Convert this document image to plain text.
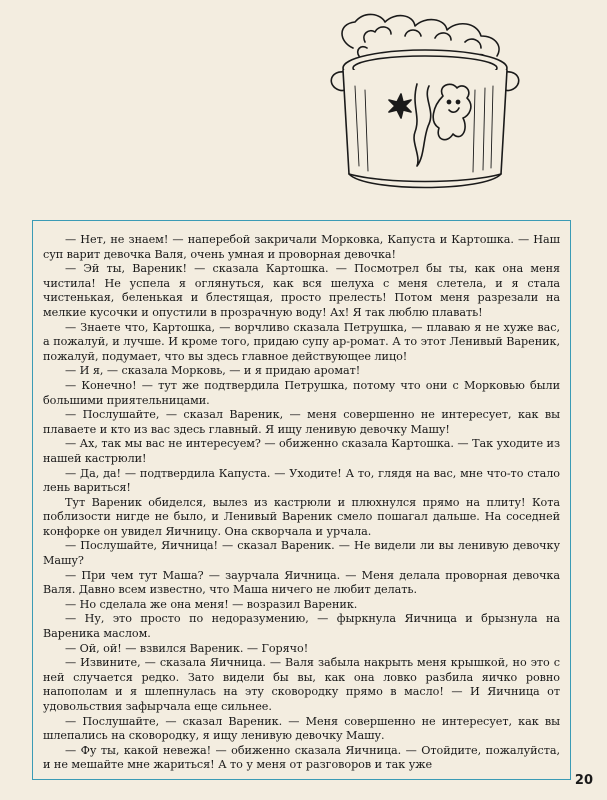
— Нет, не знаем! — наперебой закричали Морковка, Капуста и Картошка. — Наш суп варит девочка Валя, очень умная и проворная девочка!

— Эй ты, Вареник! — сказала Картошка. — Посмотрел бы ты, как она меня чистила! Не успела я оглянуться, как вся шелуха с меня слетела, и я стала чистенькая, беленькая и блестящая, просто прелесть! Потом меня разрезали на мелкие кусочки и опустили в прозрачную воду! Ах! Я так люблю плавать!

— Знаете что, Картошка, — ворчливо сказала Петрушка, — плаваю я не хуже вас, а пожалуй, и лучше. И кроме того, придаю супу ар-ромат. А то этот Ленивый Вареник, пожалуй, подумает, что вы здесь главное действующее лицо!

— И я, — сказала Морковь, — и я придаю аромат!

— Конечно! — тут же подтвердила Петрушка, потому что они с Морковью были большими приятельницами.

— Послушайте, — сказал Вареник, — меня совершенно не интересует, как вы плаваете и кто из вас здесь главный. Я ищу ленивую девочку Машу!

— Ах, так мы вас не интересуем? — обиженно сказала Картошка. — Так уходите из нашей кастрюли!

— Да, да! — подтвердила Капуста. — Уходите! А то, глядя на вас, мне что-то стало лень вариться!

Тут Вареник обиделся, вылез из кастрюли и плюхнулся прямо на плиту! Кота поблизости нигде не было, и Ленивый Вареник смело пошагал дальше. На соседней конфорке он увидел Яичницу. Она скворчала и урчала.

— Послушайте, Яичница! — сказал Вареник. — Не видели ли вы ленивую девочку Машу?

— При чем тут Маша? — заурчала Яичница. — Меня делала проворная девочка Валя. Давно всем известно, что Маша ничего не любит делать.

— Но сделала же она меня! — возразил Вареник.

— Ну, это просто по недоразумению, — фыркнула Яичница и брызнула на Вареника маслом.

— Ой, ой! — взвился Вареник. — Горячо!

— Извините, — сказала Яичница. — Валя забыла накрыть меня крышкой, но это с ней случается редко. Зато видели бы вы, как она ловко разбила яичко ровно напополам и я шлепнулась на эту сковородку прямо в масло! — И Яичница от удовольствия зафырчала еще сильнее.

— Послушайте, — сказал Вареник. — Меня совершенно не интересует, как вы шлепались на сковородку, я ищу ленивую девочку Машу.

— Фу ты, какой невежа! — обиженно сказала Яичница. — Отойдите, пожалуйста, и не мешайте мне жариться! А то у меня от разговоров и так уже

20
